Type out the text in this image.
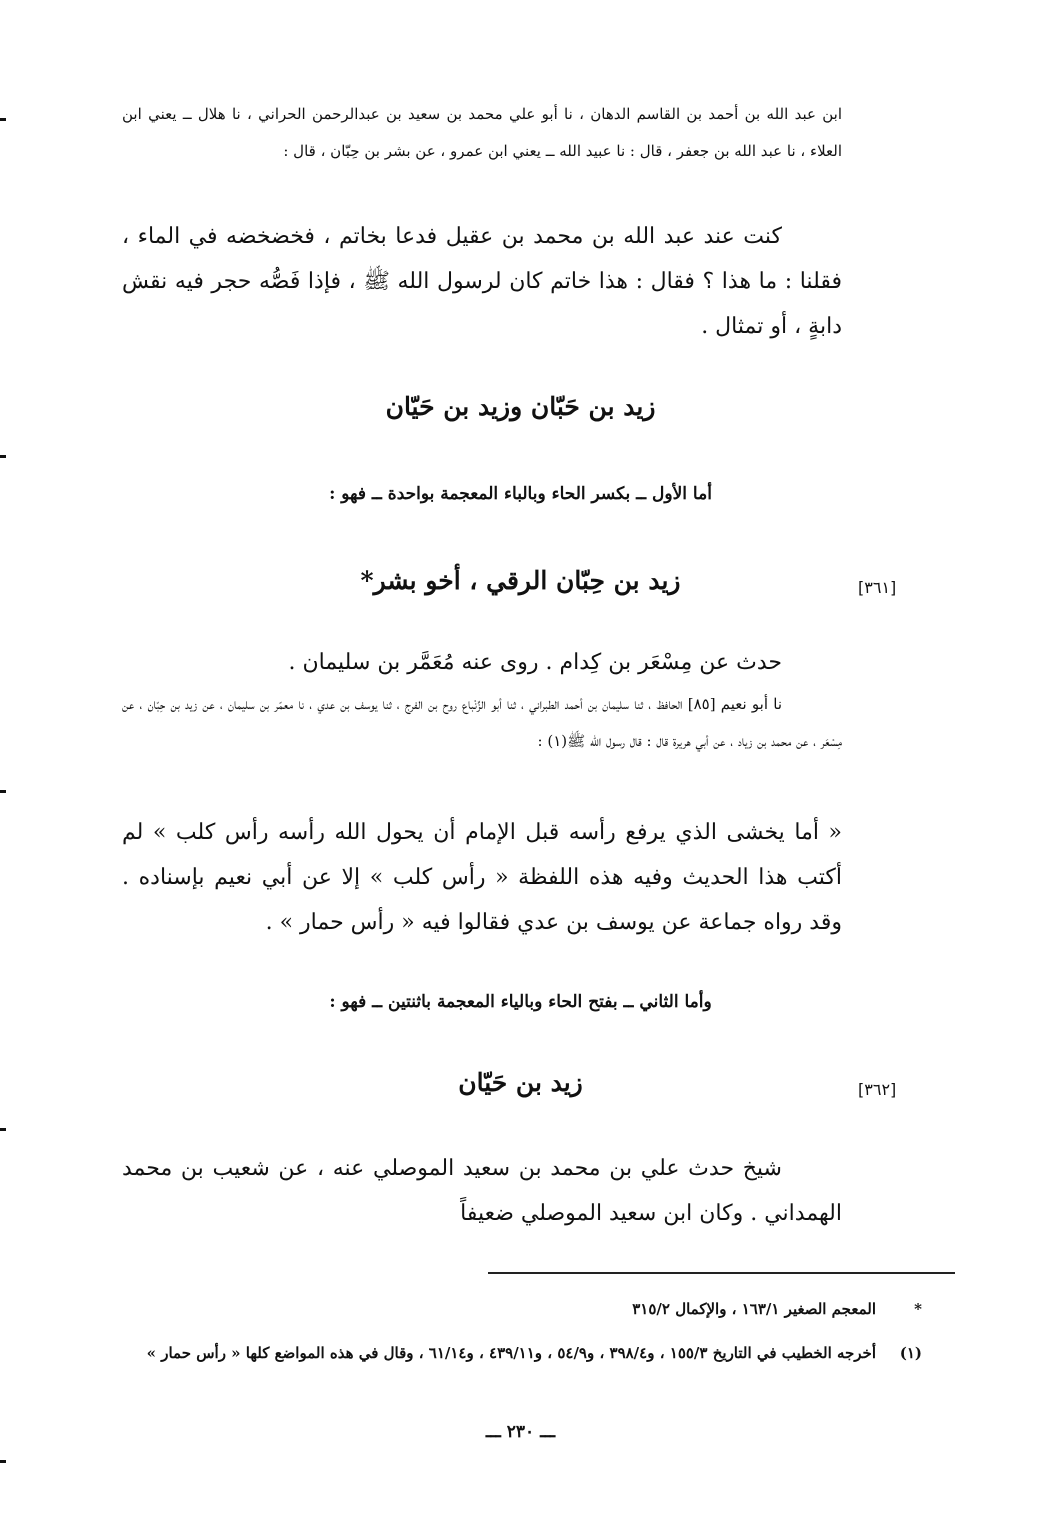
ابن عبد الله بن أحمد بن القاسم الدهان ، نا أبو علي محمد بن سعيد بن عبدالرحمن الحراني ، نا هلال ــ يعني ابن العلاء ، نا عبد الله بن جعفر ، قال : نا عبيد الله ــ يعني ابن عمرو ، عن بشر بن حِبّان ، قال :
كنت عند عبد الله بن محمد بن عقيل فدعا بخاتم ، فخضخضه في الماء ، فقلنا : ما هذا ؟ فقال : هذا خاتم كان لرسول الله ﷺ ، فإذا فَصُّه حجر فيه نقش دابةٍ ، أو تمثال .
زيد بن حَبّان وزيد بن حَيّان
أما الأول ــ بكسر الحاء وبالباء المعجمة بواحدة ــ فهو :
[٣٦١]
زيد بن حِبّان الرقي ، أخو بشر*
حدث عن مِسْعَر بن كِدام . روى عنه مُعَمَّر بن سليمان .
نا أبو نعيم [٨٥] الحافظ ، ثنا سليمان بن أحمد الطبراني ، ثنا أبو الزِّنْباع روح بن الفرج ، ثنا يوسف بن عدي ، نا معمّر بن سليمان ، عن زيد بن حِبّان ، عن مِسْعَر ، عن محمد بن زياد ، عن أبي هريرة قال : قال رسول الله ﷺ(١) :
« أما يخشى الذي يرفع رأسه قبل الإمام أن يحول الله رأسه رأس كلب » لم أكتب هذا الحديث وفيه هذه اللفظة « رأس كلب » إلا عن أبي نعيم بإسناده . وقد رواه جماعة عن يوسف بن عدي فقالوا فيه « رأس حمار » .
وأما الثاني ــ بفتح الحاء وبالياء المعجمة باثنتين ــ فهو :
[٣٦٢]
زيد بن حَيّان
شيخ حدث علي بن محمد بن سعيد الموصلي عنه ، عن شعيب بن محمد الهمداني . وكان ابن سعيد الموصلي ضعيفاً
*
المعجم الصغير ١٦٣/١ ، والإكمال ٣١٥/٢
(١)
أخرجه الخطيب في التاريخ ١٥٥/٣ ، و٣٩٨/٤ ، و٥٤/٩ ، و٤٣٩/١١ ، و٦١/١٤ ، وقال في هذه المواضع كلها « رأس حمار »
ـــ ٢٣٠ ـــ
